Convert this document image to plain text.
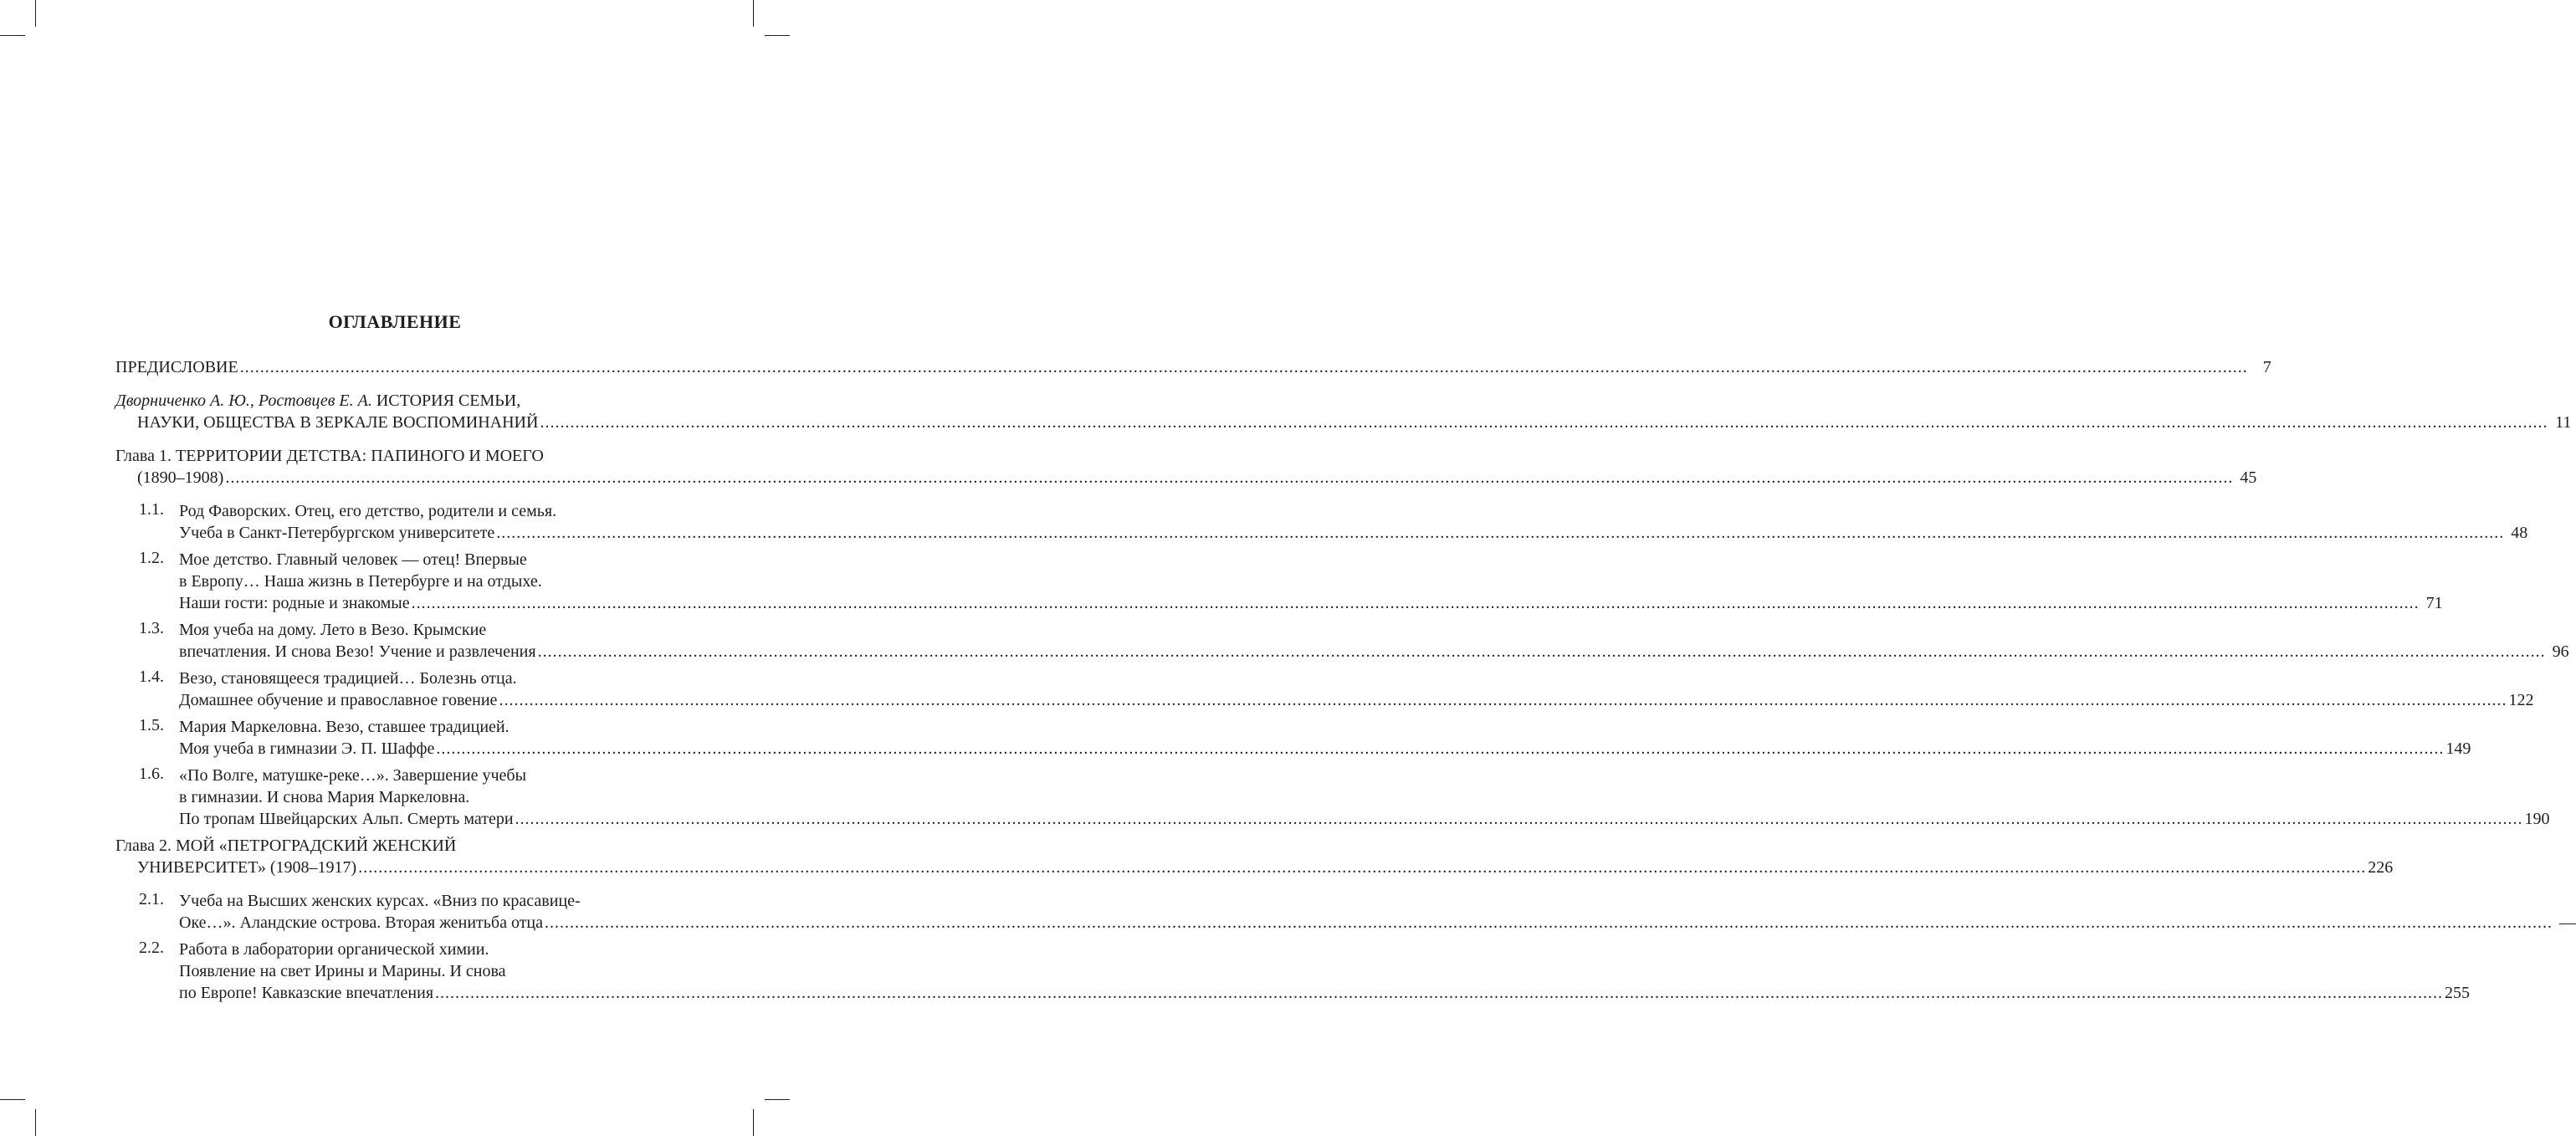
ОГЛАВЛЕНИЕ
ПРЕДИСЛОВИЕ ................................................................................................................................................................................................................................................................................................................................................................................................................ 7
Дворниченко А. Ю., Ростовцев Е. А. ИСТОРИЯ СЕМЬИ,
НАУКИ, ОБЩЕСТВА В ЗЕРКАЛЕ ВОСПОМИНАНИЙ ................................................................................................................................................................................................................................................................................................................................................................................................................ 11
Глава 1. ТЕРРИТОРИИ ДЕТСТВА: ПАПИНОГО И МОЕГО
(1890–1908) ................................................................................................................................................................................................................................................................................................................................................................................................................ 45
1.1. Род Фаворских. Отец, его детство, родители и семья.
Учеба в Санкт-Петербургском университете ................................................................................................................................................................................................................................................................................................................................................................................................................ 48
1.2. Мое детство. Главный человек — отец! Впервые
в Европу… Наша жизнь в Петербурге и на отдыхе.
Наши гости: родные и знакомые ................................................................................................................................................................................................................................................................................................................................................................................................................ 71
1.3. Моя учеба на дому. Лето в Везо. Крымские
впечатления. И снова Везо! Учение и развлечения ................................................................................................................................................................................................................................................................................................................................................................................................................ 96
1.4. Везо, становящееся традицией… Болезнь отца.
Домашнее обучение и православное говение ................................................................................................................................................................................................................................................................................................................................................................................................................ 122
1.5. Мария Маркеловна. Везо, ставшее традицией.
Моя учеба в гимназии Э. П. Шаффе ................................................................................................................................................................................................................................................................................................................................................................................................................ 149
1.6. «По Волге, матушке-реке…». Завершение учебы
в гимназии. И снова Мария Маркеловна.
По тропам Швейцарских Альп. Смерть матери ................................................................................................................................................................................................................................................................................................................................................................................................................ 190
Глава 2. МОЙ «ПЕТРОГРАДСКИЙ ЖЕНСКИЙ
УНИВЕРСИТЕТ» (1908–1917) ................................................................................................................................................................................................................................................................................................................................................................................................................ 226
2.1. Учеба на Высших женских курсах. «Вниз по красавице-
Оке…». Аландские острова. Вторая женитьба отца ................................................................................................................................................................................................................................................................................................................................................................................................................ —
2.2. Работа в лаборатории органической химии.
Появление на свет Ирины и Марины. И снова
по Европе! Кавказские впечатления ................................................................................................................................................................................................................................................................................................................................................................................................................ 255
